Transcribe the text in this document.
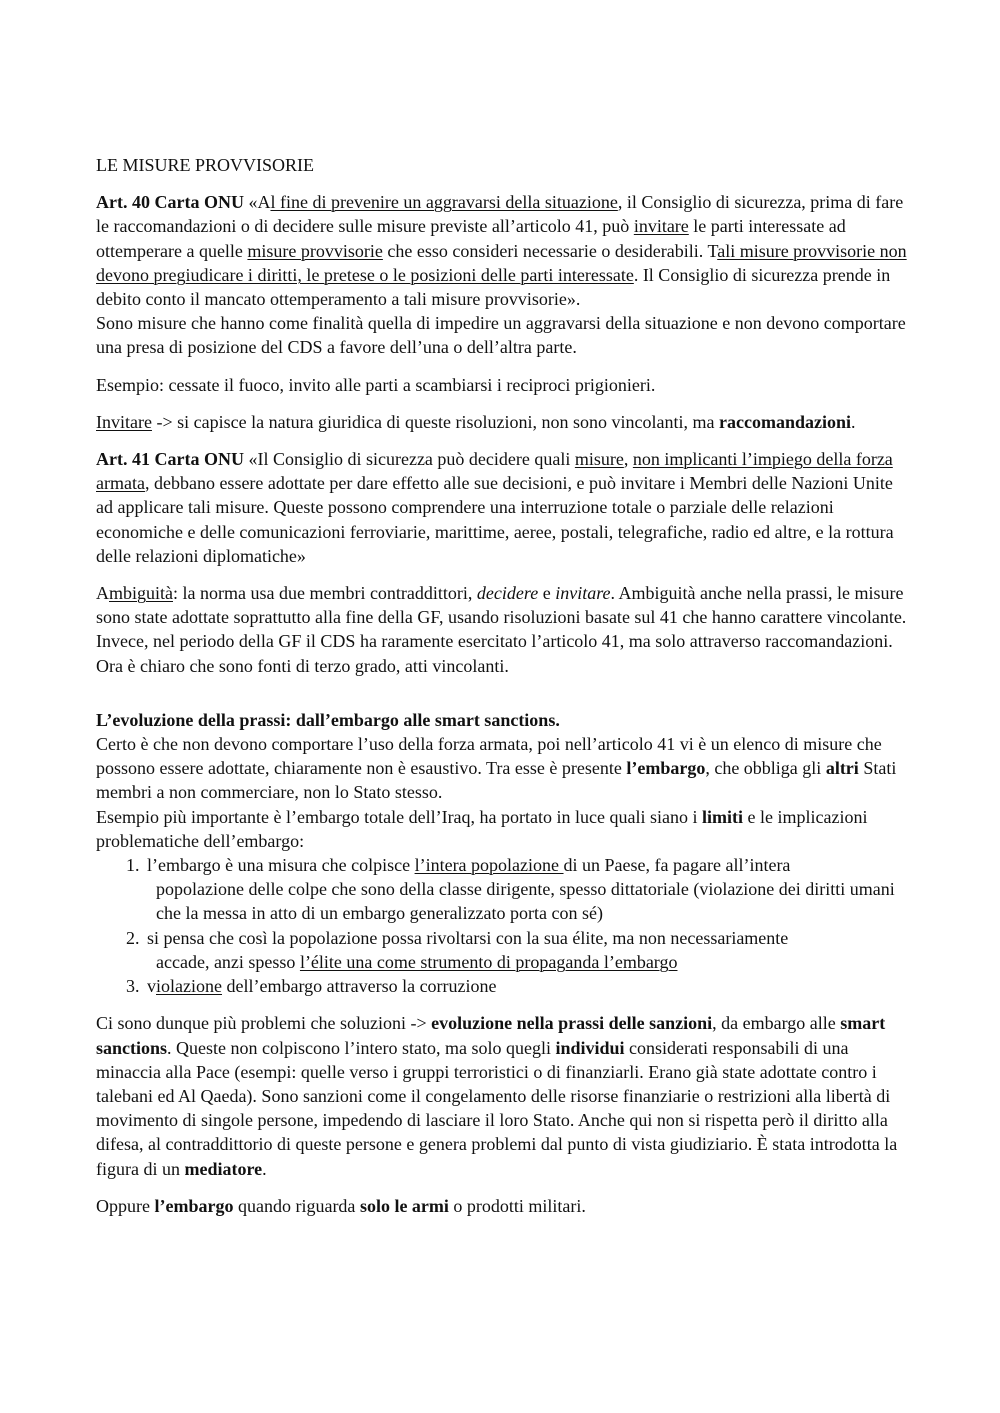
LE MISURE PROVVISORIE

Art. 40 Carta ONU «Al fine di prevenire un aggravarsi della situazione, il Consiglio di sicurezza, prima di fare le raccomandazioni o di decidere sulle misure previste all’articolo 41, può invitare le parti interessate ad ottemperare a quelle misure provvisorie che esso consideri necessarie o desiderabili. Tali misure provvisorie non devono pregiudicare i diritti, le pretese o le posizioni delle parti interessate. Il Consiglio di sicurezza prende in debito conto il mancato ottemperamento a tali misure provvisorie».

Sono misure che hanno come finalità quella di impedire un aggravarsi della situazione e non devono comportare una presa di posizione del CDS a favore dell’una o dell’altra parte.

Esempio: cessate il fuoco, invito alle parti a scambiarsi i reciproci prigionieri.

Invitare -> si capisce la natura giuridica di queste risoluzioni, non sono vincolanti, ma raccomandazioni.

Art. 41 Carta ONU «Il Consiglio di sicurezza può decidere quali misure, non implicanti l’impiego della forza armata, debbano essere adottate per dare effetto alle sue decisioni, e può invitare i Membri delle Nazioni Unite ad applicare tali misure. Queste possono comprendere una interruzione totale o parziale delle relazioni economiche e delle comunicazioni ferroviarie, marittime, aeree, postali, telegrafiche, radio ed altre, e la rottura delle relazioni diplomatiche»

Ambiguità: la norma usa due membri contraddittori, decidere e invitare. Ambiguità anche nella prassi, le misure sono state adottate soprattutto alla fine della GF, usando risoluzioni basate sul 41 che hanno carattere vincolante. Invece, nel periodo della GF il CDS ha raramente esercitato l’articolo 41, ma solo attraverso raccomandazioni. Ora è chiaro che sono fonti di terzo grado, atti vincolanti.

L’evoluzione della prassi: dall’embargo alle smart sanctions.

Certo è che non devono comportare l’uso della forza armata, poi nell’articolo 41 vi è un elenco di misure che possono essere adottate, chiaramente non è esaustivo. Tra esse è presente l’embargo, che obbliga gli altri Stati membri a non commerciare, non lo Stato stesso.

Esempio più importante è l’embargo totale dell’Iraq, ha portato in luce quali siano i limiti e le implicazioni problematiche dell’embargo:

1. l’embargo è una misura che colpisce l’intera popolazione di un Paese, fa pagare all’intera
popolazione delle colpe che sono della classe dirigente, spesso dittatoriale (violazione dei diritti umani che la messa in atto di un embargo generalizzato porta con sé)
2. si pensa che così la popolazione possa rivoltarsi con la sua élite, ma non necessariamente
accade, anzi spesso l’élite una come strumento di propaganda l’embargo
3. violazione dell’embargo attraverso la corruzione

Ci sono dunque più problemi che soluzioni -> evoluzione nella prassi delle sanzioni, da embargo alle smart sanctions. Queste non colpiscono l’intero stato, ma solo quegli individui considerati responsabili di una minaccia alla Pace (esempi: quelle verso i gruppi terroristici o di finanziarli. Erano già state adottate contro i talebani ed Al Qaeda). Sono sanzioni come il congelamento delle risorse finanziarie o restrizioni alla libertà di movimento di singole persone, impedendo di lasciare il loro Stato. Anche qui non si rispetta però il diritto alla difesa, al contraddittorio di queste persone e genera problemi dal punto di vista giudiziario. È stata introdotta la figura di un mediatore.

Oppure l’embargo quando riguarda solo le armi o prodotti militari.
